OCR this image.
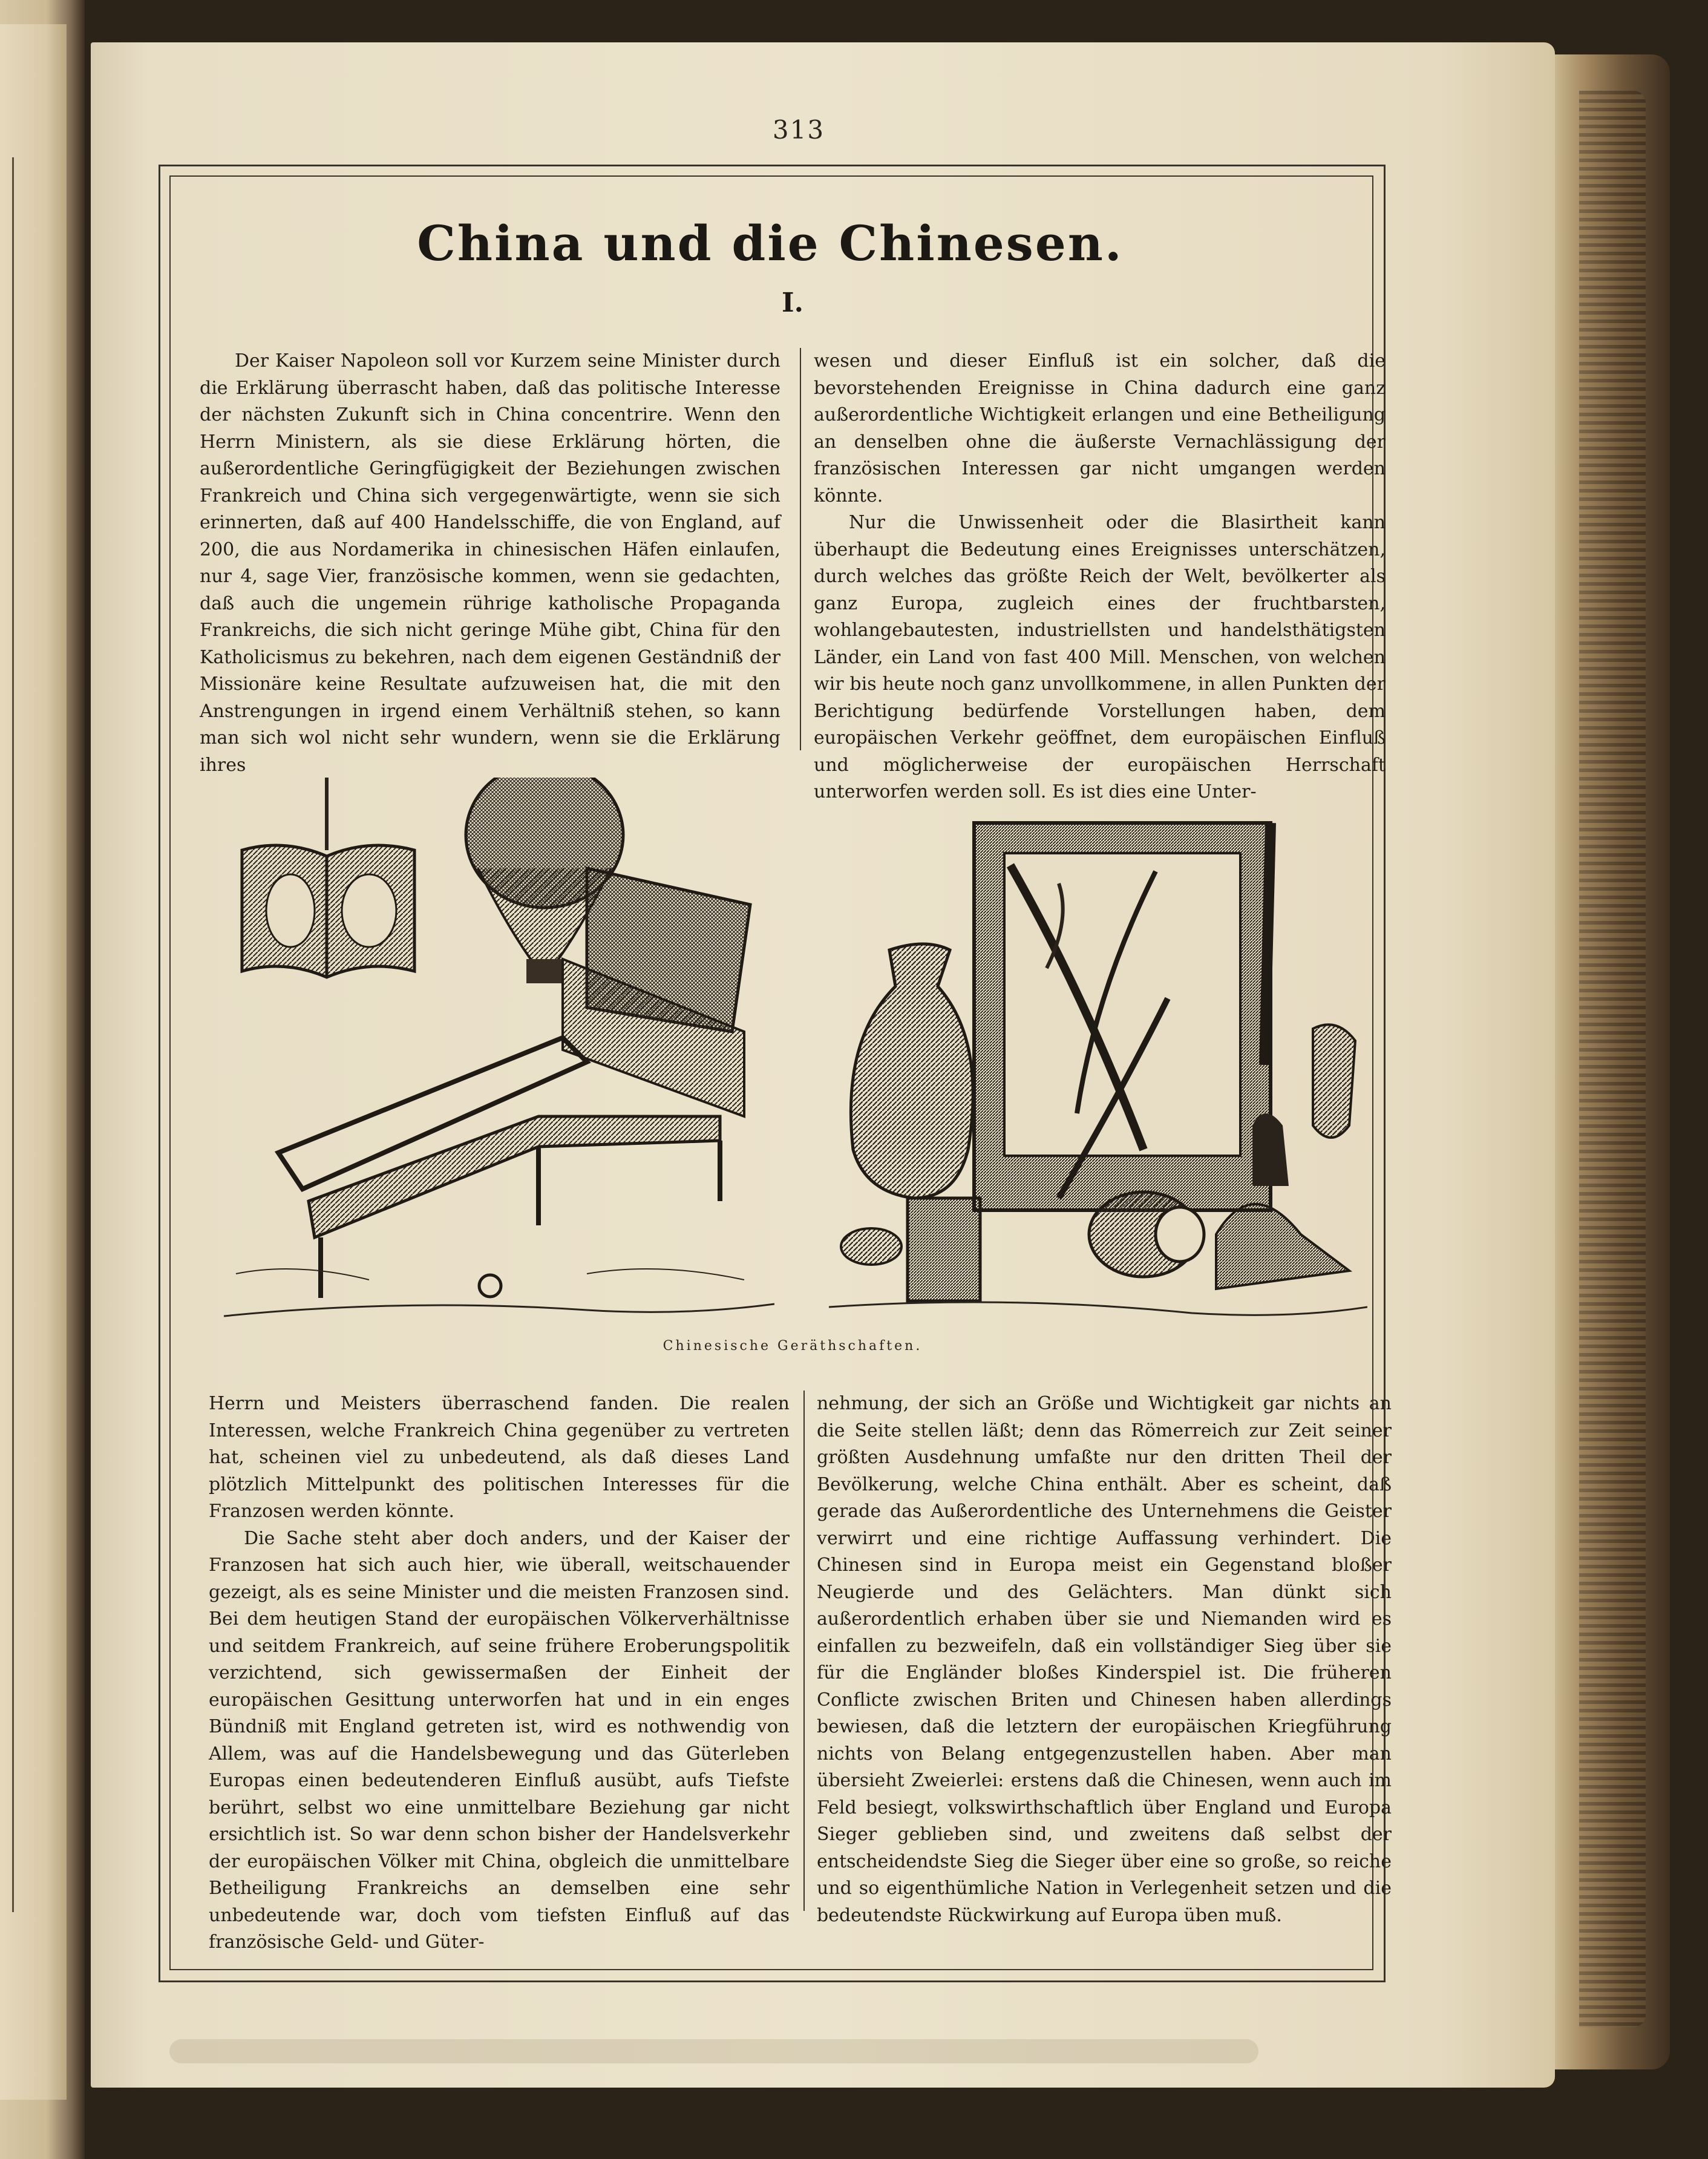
313
China und die Chinesen.
I.

Der Kaiser Napoleon soll vor Kurzem seine Minister durch die Erklärung überrascht haben, daß das politische Interesse der nächsten Zukunft sich in China concentrire. Wenn den Herrn Ministern, als sie diese Erklärung hörten, die außerordentliche Geringfügigkeit der Beziehungen zwischen Frankreich und China sich vergegenwärtigte, wenn sie sich erinnerten, daß auf 400 Handelsschiffe, die von England, auf 200, die aus Nordamerika in chinesischen Häfen einlaufen, nur 4, sage Vier, französische kommen, wenn sie gedachten, daß auch die ungemein rührige katholische Propaganda Frankreichs, die sich nicht geringe Mühe gibt, China für den Katholicismus zu bekehren, nach dem eigenen Geständniß der Missionäre keine Resultate aufzuweisen hat, die mit den Anstrengungen in irgend einem Verhältniß stehen, so kann man sich wol nicht sehr wundern, wenn sie die Erklärung ihres

wesen und dieser Einfluß ist ein solcher, daß die bevorstehenden Ereignisse in China dadurch eine ganz außerordentliche Wichtigkeit erlangen und eine Betheiligung an denselben ohne die äußerste Vernachlässigung der französischen Interessen gar nicht umgangen werden könnte.

Nur die Unwissenheit oder die Blasirtheit kann überhaupt die Bedeutung eines Ereignisses unterschätzen, durch welches das größte Reich der Welt, bevölkerter als ganz Europa, zugleich eines der fruchtbarsten, wohlangebautesten, industriellsten und handelsthätigsten Länder, ein Land von fast 400 Mill. Menschen, von welchen wir bis heute noch ganz unvollkommene, in allen Punkten der Berichtigung bedürfende Vorstellungen haben, dem europäischen Verkehr geöffnet, dem europäischen Einfluß und möglicherweise der europäischen Herrschaft unterworfen werden soll. Es ist dies eine Unter-

Chinesische Geräthschaften.

Herrn und Meisters überraschend fanden. Die realen Interessen, welche Frankreich China gegenüber zu vertreten hat, scheinen viel zu unbedeutend, als daß dieses Land plötzlich Mittelpunkt des politischen Interesses für die Franzosen werden könnte.

Die Sache steht aber doch anders, und der Kaiser der Franzosen hat sich auch hier, wie überall, weitschauender gezeigt, als es seine Minister und die meisten Franzosen sind. Bei dem heutigen Stand der europäischen Völkerverhältnisse und seitdem Frankreich, auf seine frühere Eroberungspolitik verzichtend, sich gewissermaßen der Einheit der europäischen Gesittung unterworfen hat und in ein enges Bündniß mit England getreten ist, wird es nothwendig von Allem, was auf die Handelsbewegung und das Güterleben Europas einen bedeutenderen Einfluß ausübt, aufs Tiefste berührt, selbst wo eine unmittelbare Beziehung gar nicht ersichtlich ist. So war denn schon bisher der Handelsverkehr der europäischen Völker mit China, obgleich die unmittelbare Betheiligung Frankreichs an demselben eine sehr unbedeutende war, doch vom tiefsten Einfluß auf das französische Geld- und Güter-

nehmung, der sich an Größe und Wichtigkeit gar nichts an die Seite stellen läßt; denn das Römerreich zur Zeit seiner größten Ausdehnung umfaßte nur den dritten Theil der Bevölkerung, welche China enthält. Aber es scheint, daß gerade das Außerordentliche des Unternehmens die Geister verwirrt und eine richtige Auffassung verhindert. Die Chinesen sind in Europa meist ein Gegenstand bloßer Neugierde und des Gelächters. Man dünkt sich außerordentlich erhaben über sie und Niemanden wird es einfallen zu bezweifeln, daß ein vollständiger Sieg über sie für die Engländer bloßes Kinderspiel ist. Die früheren Conflicte zwischen Briten und Chinesen haben allerdings bewiesen, daß die letztern der europäischen Kriegführung nichts von Belang entgegenzustellen haben. Aber man übersieht Zweierlei: erstens daß die Chinesen, wenn auch im Feld besiegt, volkswirthschaftlich über England und Europa Sieger geblieben sind, und zweitens daß selbst der entscheidendste Sieg die Sieger über eine so große, so reiche und so eigenthümliche Nation in Verlegenheit setzen und die bedeutendste Rückwirkung auf Europa üben muß.
